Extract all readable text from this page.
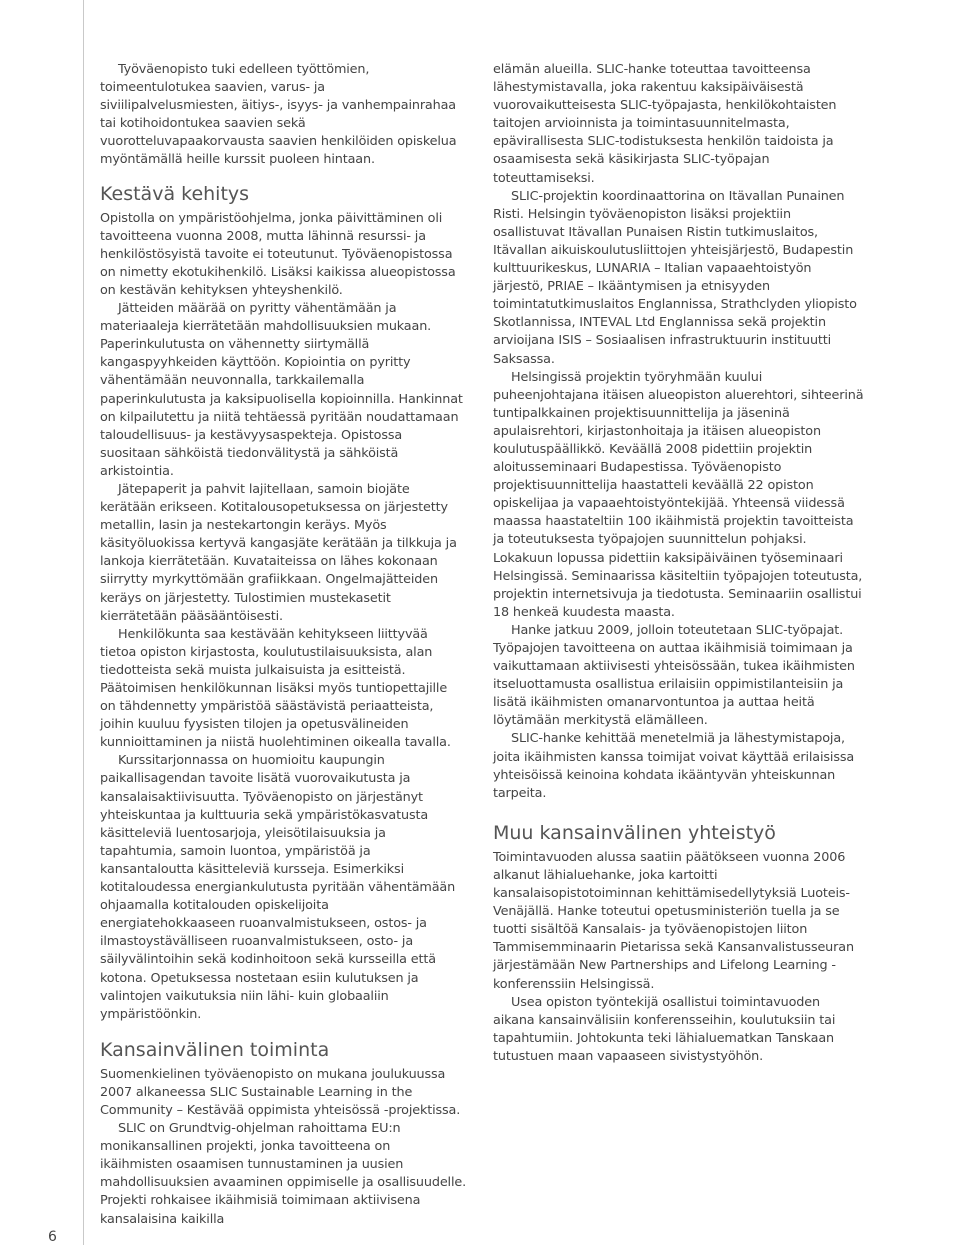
Työväenopisto tuki edelleen työttömien, toimeentulotukea saavien, varus- ja siviilipalvelusmiesten, äitiys-, isyys- ja vanhempainrahaa tai kotihoidontukea saavien sekä vuorotteluvapaakorvausta saavien henkilöiden opiskelua myöntämällä heille kurssit puoleen hintaan.

Kestävä kehitys

Opistolla on ympäristöohjelma, jonka päivittäminen oli tavoitteena vuonna 2008, mutta lähinnä resurssi- ja henkilöstösyistä tavoite ei toteutunut. Työväenopistossa on nimetty ekotukihenkilö. Lisäksi kaikissa alueopistossa on kestävän kehityksen yhteyshenkilö.

Jätteiden määrää on pyritty vähentämään ja materiaaleja kierrätetään mahdollisuuksien mukaan. Paperinkulutusta on vähennetty siirtymällä kangaspyyhkeiden käyttöön. Kopiointia on pyritty vähentämään neuvonnalla, tarkkailemalla paperinkulutusta ja kaksipuolisella kopioinnilla. Hankinnat on kilpailutettu ja niitä tehtäessä pyritään noudattamaan taloudellisuus- ja kestävyysaspekteja. Opistossa suositaan sähköistä tiedonvälitystä ja sähköistä arkistointia.

Jätepaperit ja pahvit lajitellaan, samoin biojäte kerätään erikseen. Kotitalousopetuksessa on järjestetty metallin, lasin ja nestekartongin keräys. Myös käsityöluokissa kertyvä kangasjäte kerätään ja tilkkuja ja lankoja kierrätetään. Kuvataiteissa on lähes kokonaan siirrytty myrkyttömään grafiikkaan. Ongelmajätteiden keräys on järjestetty. Tulostimien mustekasetit kierrätetään pääsääntöisesti.

Henkilökunta saa kestävään kehitykseen liittyvää tietoa opiston kirjastosta, koulutustilaisuuksista, alan tiedotteista sekä muista julkaisuista ja esitteistä. Päätoimisen henkilökunnan lisäksi myös tuntiopettajille on tähdennetty ympäristöä säästävistä periaatteista, joihin kuuluu fyysisten tilojen ja opetusvälineiden kunnioittaminen ja niistä huolehtiminen oikealla tavalla.

Kurssitarjonnassa on huomioitu kaupungin paikallisagendan tavoite lisätä vuorovaikutusta ja kansalaisaktiivisuutta. Työväenopisto on järjestänyt yhteiskuntaa ja kulttuuria sekä ympäristökasvatusta käsitteleviä luentosarjoja, yleisötilaisuuksia ja tapahtumia, samoin luontoa, ympäristöä ja kansantaloutta käsitteleviä kursseja. Esimerkiksi kotitaloudessa energiankulutusta pyritään vähentämään ohjaamalla kotitalouden opiskelijoita energiatehokkaaseen ruoanvalmistukseen, ostos- ja ilmastoystävälliseen ruoanvalmistukseen, osto- ja säilyvälintoihin sekä kodinhoitoon sekä kursseilla että kotona. Opetuksessa nostetaan esiin kulutuksen ja valintojen vaikutuksia niin lähi- kuin globaaliin ympäristöönkin.

Kansainvälinen toiminta

Suomenkielinen työväenopisto on mukana joulukuussa 2007 alkaneessa SLIC Sustainable Learning in the Community – Kestävää oppimista yhteisössä -projektissa.

SLIC on Grundtvig-ohjelman rahoittama EU:n monikansallinen projekti, jonka tavoitteena on ikäihmisten osaamisen tunnustaminen ja uusien mahdollisuuksien avaaminen oppimiselle ja osallisuudelle. Projekti rohkaisee ikäihmisiä toimimaan aktiivisena kansalaisina kaikilla

elämän alueilla. SLIC-hanke toteuttaa tavoitteensa lähestymistavalla, joka rakentuu kaksipäiväisestä vuorovaikutteisesta SLIC-työpajasta, henkilökohtaisten taitojen arvioinnista ja toimintasuunnitelmasta, epävirallisesta SLIC-todistuksesta henkilön taidoista ja osaamisesta sekä käsikirjasta SLIC-työpajan toteuttamiseksi.

SLIC-projektin koordinaattorina on Itävallan Punainen Risti. Helsingin työväenopiston lisäksi projektiin osallistuvat Itävallan Punaisen Ristin tutkimuslaitos, Itävallan aikuiskoulutusliittojen yhteisjärjestö, Budapestin kulttuurikeskus, LUNARIA – Italian vapaaehtoistyön järjestö, PRIAE – Ikääntymisen ja etnisyyden toimintatutkimuslaitos Englannissa, Strathclyden yliopisto Skotlannissa, INTEVAL Ltd Englannissa sekä projektin arvioijana ISIS – Sosiaalisen infrastruktuurin instituutti Saksassa.

Helsingissä projektin työryhmään kuului puheenjohtajana itäisen alueopiston aluerehtori, sihteerinä tuntipalkkainen projektisuunnittelija ja jäseninä apulaisrehtori, kirjastonhoitaja ja itäisen alueopiston koulutuspäällikkö. Keväällä 2008 pidettiin projektin aloitusseminaari Budapestissa. Työväenopisto projektisuunnittelija haastatteli keväällä 22 opiston opiskelijaa ja vapaaehtoistyöntekijää. Yhteensä viidessä maassa haastateltiin 100 ikäihmistä projektin tavoitteista ja toteutuksesta työpajojen suunnittelun pohjaksi. Lokakuun lopussa pidettiin kaksipäiväinen työseminaari Helsingissä. Seminaarissa käsiteltiin työpajojen toteutusta, projektin internetsivuja ja tiedotusta. Seminaariin osallistui 18 henkeä kuudesta maasta.

Hanke jatkuu 2009, jolloin toteutetaan SLIC-työpajat. Työpajojen tavoitteena on auttaa ikäihmisiä toimimaan ja vaikuttamaan aktiivisesti yhteisössään, tukea ikäihmisten itseluottamusta osallistua erilaisiin oppimistilanteisiin ja lisätä ikäihmisten omanarvontuntoa ja auttaa heitä löytämään merkitystä elämälleen.

SLIC-hanke kehittää menetelmiä ja lähestymistapoja, joita ikäihmisten kanssa toimijat voivat käyttää erilaisissa yhteisöissä keinoina kohdata ikääntyvän yhteiskunnan tarpeita.

Muu kansainvälinen yhteistyö

Toimintavuoden alussa saatiin päätökseen vuonna 2006 alkanut lähialuehanke, joka kartoitti kansalaisopistotoiminnan kehittämisedellytyksiä Luoteis-Venäjällä. Hanke toteutui opetusministeriön tuella ja se tuotti sisältöä Kansalais- ja työväenopistojen liiton Tammisemminaarin Pietarissa sekä Kansanvalistusseuran järjestämään New Partnerships and Lifelong Learning -konferenssiin Helsingissä.

Usea opiston työntekijä osallistui toimintavuoden aikana kansainvälisiin konferensseihin, koulutuksiin tai tapahtumiin. Johtokunta teki lähialuematkan Tanskaan tutustuen maan vapaaseen sivistystyöhön.

6
